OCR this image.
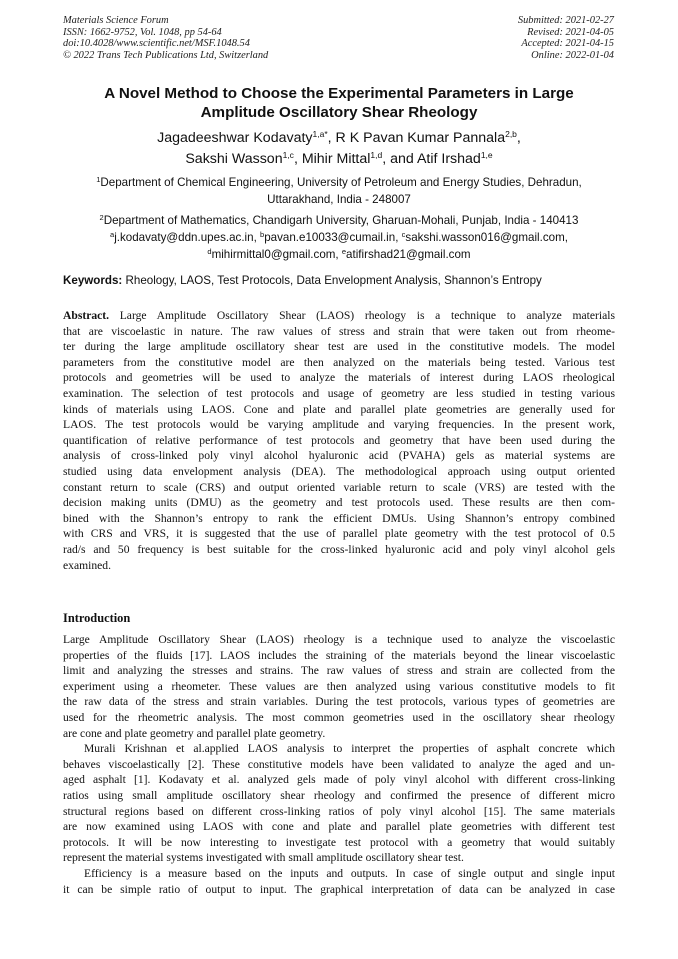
Materials Science Forum
ISSN: 1662-9752, Vol. 1048, pp 54-64
doi:10.4028/www.scientific.net/MSF.1048.54
© 2022 Trans Tech Publications Ltd, Switzerland
Submitted: 2021-02-27
Revised: 2021-04-05
Accepted: 2021-04-15
Online: 2022-01-04
A Novel Method to Choose the Experimental Parameters in Large
Amplitude Oscillatory Shear Rheology
Jagadeeshwar Kodavaty$^{1,a*}$, R K Pavan Kumar Pannala$^{2,b}$,
Sakshi Wasson$^{1,c}$, Mihir Mittal$^{1,d}$, and Atif Irshad$^{1,e}$
$^1$Department of Chemical Engineering, University of Petroleum and Energy Studies, Dehradun,
Uttarakhand, India - 248007
$^2$Department of Mathematics, Chandigarh University, Gharuan-Mohali, Punjab, India - 140413
$^a$j.kodavaty@ddn.upes.ac.in, $^b$pavan.e10033@cumail.in, $^c$sakshi.wasson016@gmail.com,
$^d$mihirmittal0@gmail.com, $^e$atifirshad21@gmail.com
Keywords: Rheology, LAOS, Test Protocols, Data Envelopment Analysis, Shannon’s Entropy
Abstract. Large Amplitude Oscillatory Shear (LAOS) rheology is a technique to analyze materials
that are viscoelastic in nature. The raw values of stress and strain that were taken out from rheome-
ter during the large amplitude oscillatory shear test are used in the constitutive models. The model
parameters from the constitutive model are then analyzed on the materials being tested. Various test
protocols and geometries will be used to analyze the materials of interest during LAOS rheological
examination. The selection of test protocols and usage of geometry are less studied in testing various
kinds of materials using LAOS. Cone and plate and parallel plate geometries are generally used for
LAOS. The test protocols would be varying amplitude and varying frequencies. In the present work,
quantification of relative performance of test protocols and geometry that have been used during the
analysis of cross-linked poly vinyl alcohol hyaluronic acid (PVAHA) gels as material systems are
studied using data envelopment analysis (DEA). The methodological approach using output oriented
constant return to scale (CRS) and output oriented variable return to scale (VRS) are tested with the
decision making units (DMU) as the geometry and test protocols used. These results are then com-
bined with the Shannon’s entropy to rank the efficient DMUs. Using Shannon’s entropy combined
with CRS and VRS, it is suggested that the use of parallel plate geometry with the test protocol of 0.5
rad/s and 50 frequency is best suitable for the cross-linked hyaluronic acid and poly vinyl alcohol gels
examined.
Introduction
Large Amplitude Oscillatory Shear (LAOS) rheology is a technique used to analyze the viscoelastic
properties of the fluids [17]. LAOS includes the straining of the materials beyond the linear viscoelastic
limit and analyzing the stresses and strains. The raw values of stress and strain are collected from the
experiment using a rheometer. These values are then analyzed using various constitutive models to fit
the raw data of the stress and strain variables. During the test protocols, various types of geometries are
used for the rheometric analysis. The most common geometries used in the oscillatory shear rheology
are cone and plate geometry and parallel plate geometry.
Murali Krishnan et al.applied LAOS analysis to interpret the properties of asphalt concrete which
behaves viscoelastically [2]. These constitutive models have been validated to analyze the aged and un-
aged asphalt [1]. Kodavaty et al. analyzed gels made of poly vinyl alcohol with different cross-linking
ratios using small amplitude oscillatory shear rheology and confirmed the presence of different micro
structural regions based on different cross-linking ratios of poly vinyl alcohol [15]. The same materials
are now examined using LAOS with cone and plate and parallel plate geometries with different test
protocols. It will be now interesting to investigate test protocol with a geometry that would suitably
represent the material systems investigated with small amplitude oscillatory shear test.
Efficiency is a measure based on the inputs and outputs. In case of single output and single input
it can be simple ratio of output to input. The graphical interpretation of data can be analyzed in case
